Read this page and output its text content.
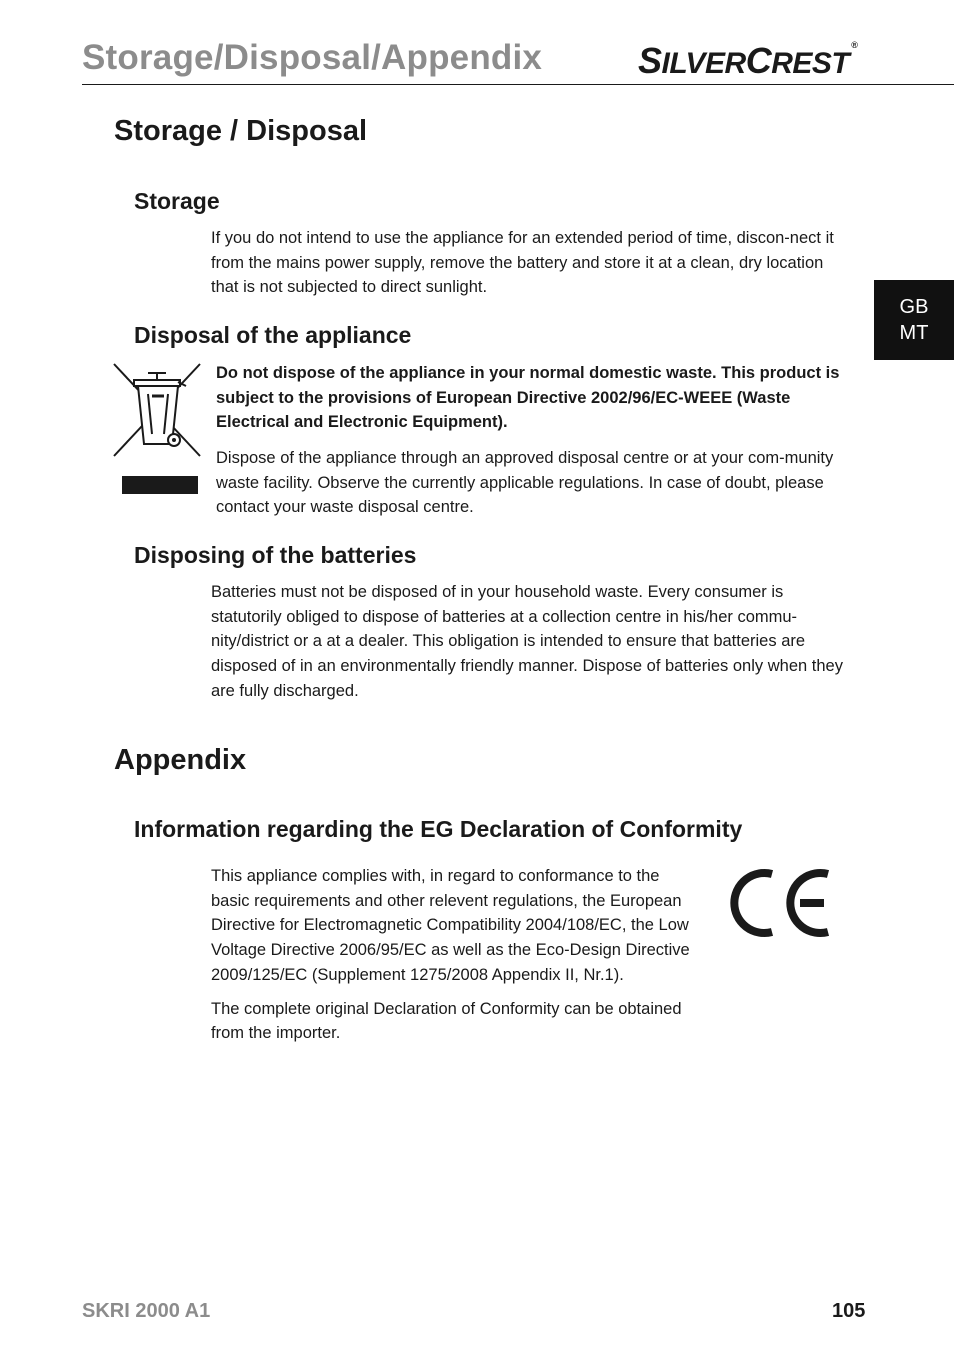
Storage/Disposal/Appendix	SILVERCREST®
GB
MT
Storage / Disposal
Storage
If you do not intend to use the appliance for an extended period of time, discon-nect it from the mains power supply, remove the battery and store it at a clean, dry location that is not subjected to direct sunlight.
Disposal of the appliance
Do not dispose of the appliance in your normal domestic waste. This product is subject to the provisions of European Directive 2002/96/EC-WEEE (Waste Electrical and Electronic Equipment).
Dispose of the appliance through an approved disposal centre or at your com-munity waste facility. Observe the currently applicable regulations. In case of doubt, please contact your waste disposal centre.
Disposing of the batteries
Batteries must not be disposed of in your household waste. Every consumer is statutorily obliged to dispose of batteries at a collection centre in his/her commu-nity/district or a at a dealer. This obligation is intended to ensure that batteries are disposed of in an environmentally friendly manner. Dispose of batteries only when they are fully discharged.
Appendix
Information regarding the EG Declaration of Conformity

This appliance complies with, in regard to conformance to the basic requirements and other relevent regulations, the European Directive for Electromagnetic Compatibility 2004/108/EC, the Low Voltage Directive 2006/95/EC as well as the Eco-Design Directive 2009/125/EC (Supplement 1275/2008 Appendix II, Nr.1).

The complete original Declaration of Conformity can be obtained from the importer.

SKRI 2000 A1	105
